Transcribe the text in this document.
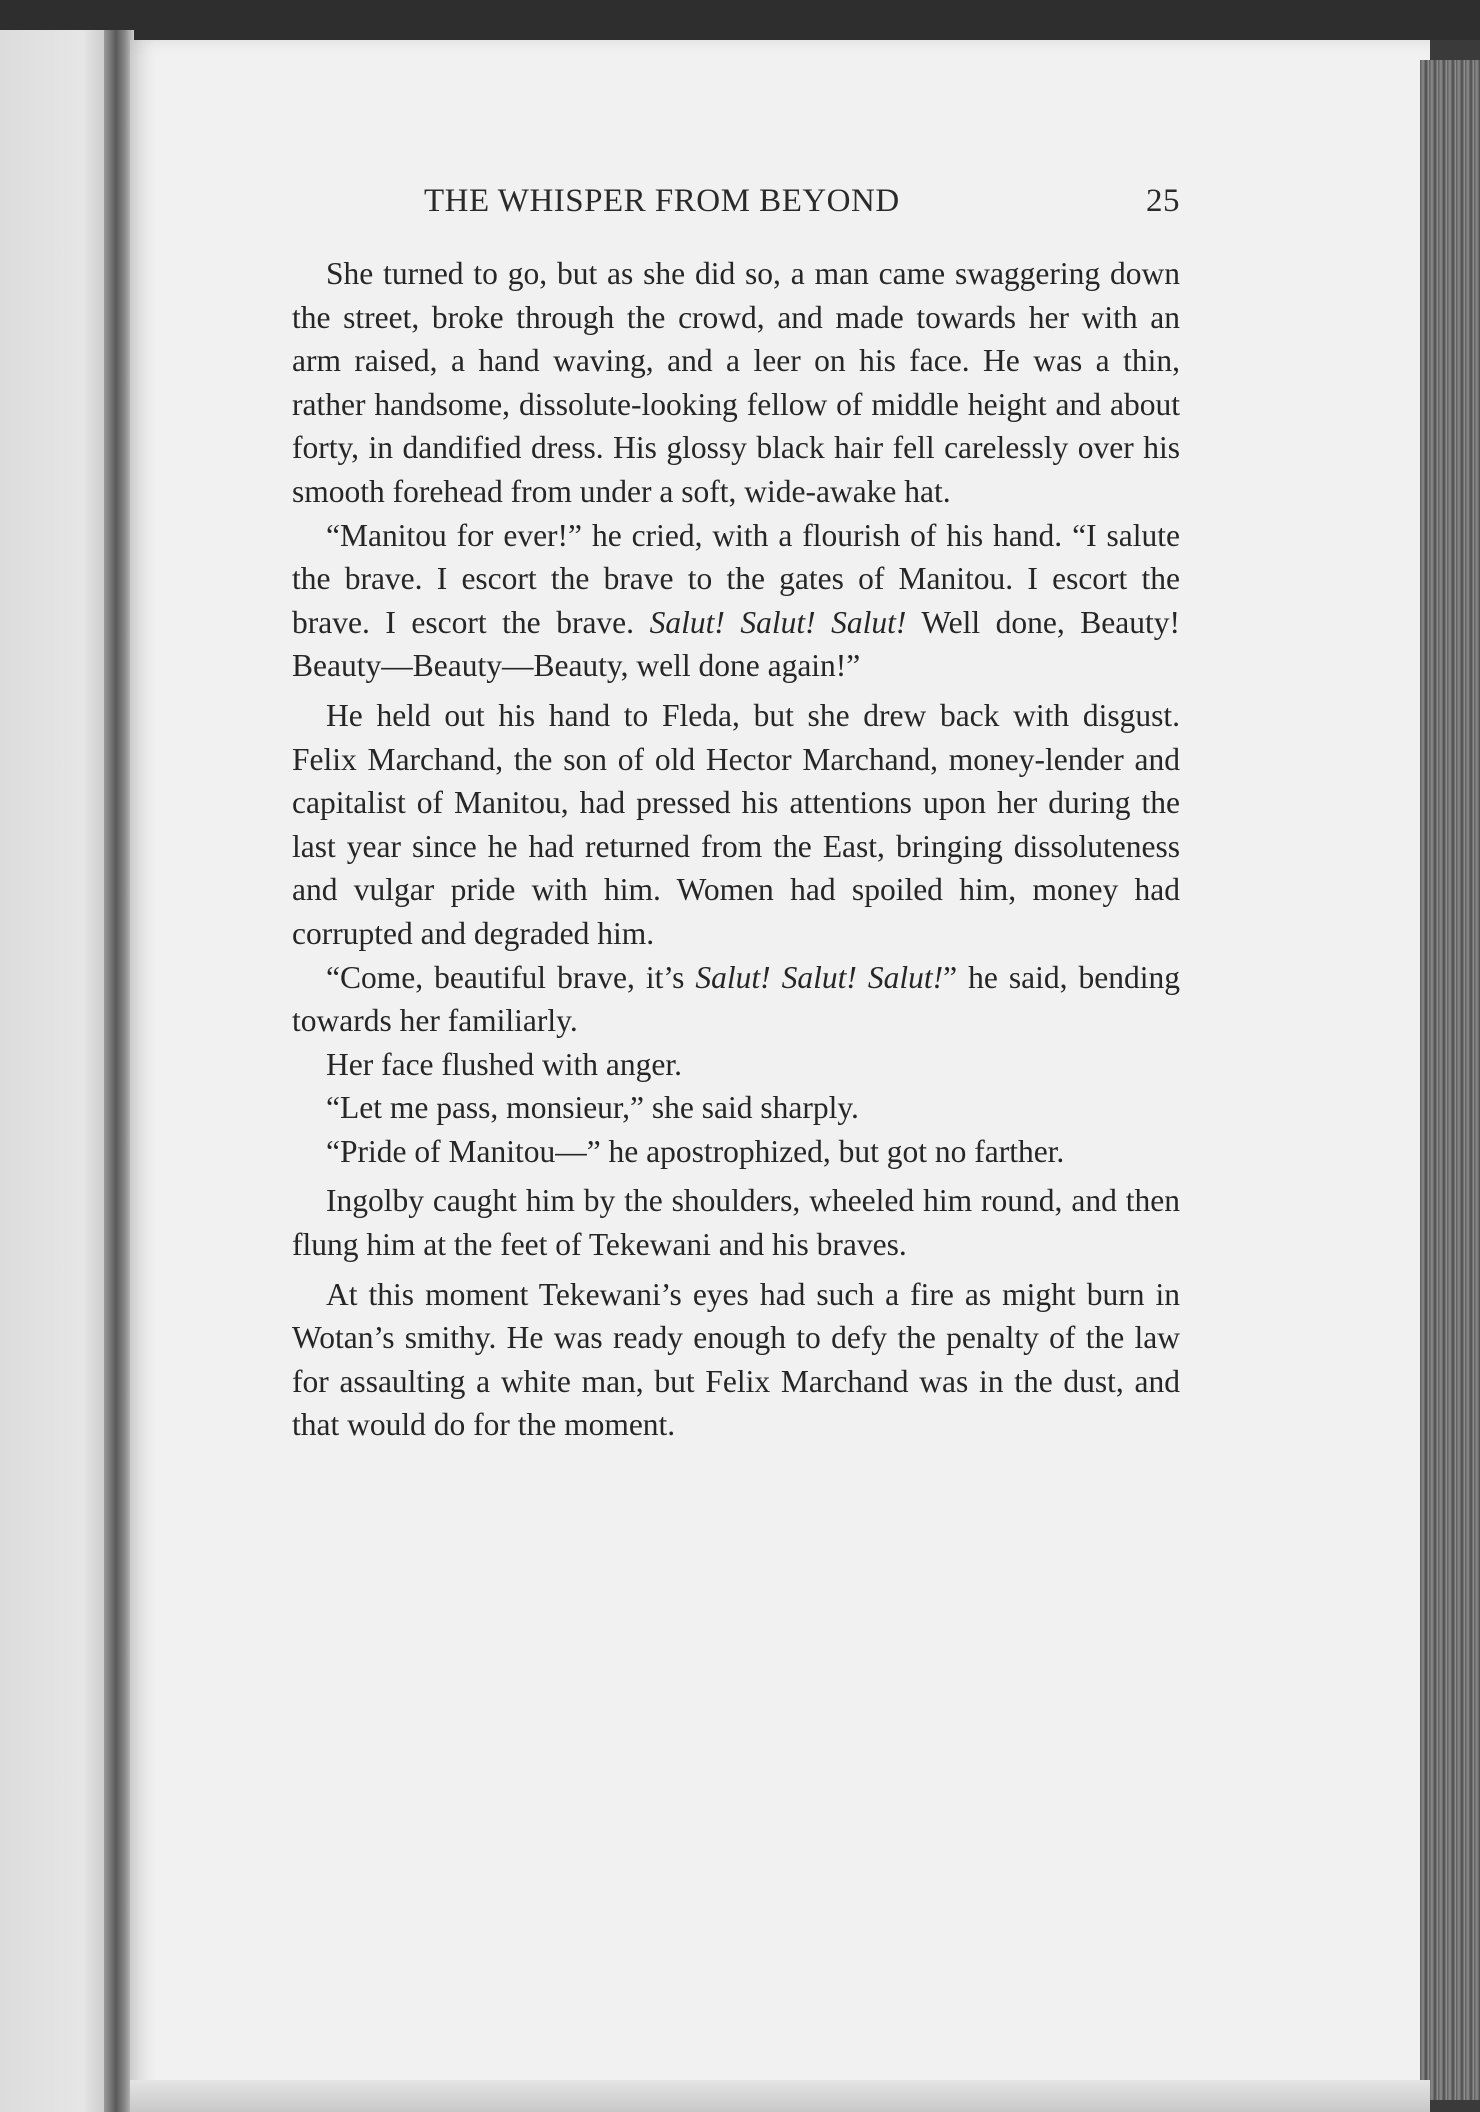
THE WHISPER FROM BEYOND	25

She turned to go, but as she did so, a man came swaggering down the street, broke through the crowd, and made towards her with an arm raised, a hand waving, and a leer on his face. He was a thin, rather handsome, dissolute-looking fellow of middle height and about forty, in dandified dress. His glossy black hair fell carelessly over his smooth forehead from under a soft, wide-awake hat.

“Manitou for ever!” he cried, with a flourish of his hand. “I salute the brave. I escort the brave to the gates of Manitou. I escort the brave. I escort the brave. Salut! Salut! Salut! Well done, Beauty! Beauty—Beauty—Beauty, well done again!”

He held out his hand to Fleda, but she drew back with disgust. Felix Marchand, the son of old Hector Marchand, money-lender and capitalist of Manitou, had pressed his attentions upon her during the last year since he had returned from the East, bringing dissoluteness and vulgar pride with him. Women had spoiled him, money had corrupted and degraded him.

“Come, beautiful brave, it’s Salut! Salut! Salut!” he said, bending towards her familiarly.

Her face flushed with anger.

“Let me pass, monsieur,” she said sharply.

“Pride of Manitou—” he apostrophized, but got no farther.

Ingolby caught him by the shoulders, wheeled him round, and then flung him at the feet of Tekewani and his braves.

At this moment Tekewani’s eyes had such a fire as might burn in Wotan’s smithy. He was ready enough to defy the penalty of the law for assaulting a white man, but Felix Marchand was in the dust, and that would do for the moment.
